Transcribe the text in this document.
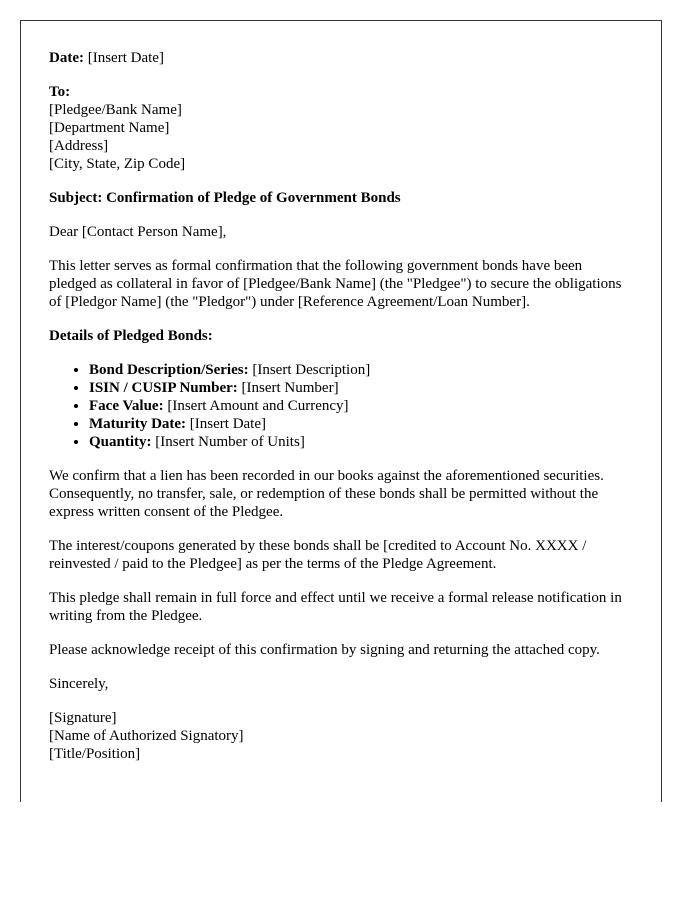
Date: [Insert Date]

To:
[Pledgee/Bank Name]
[Department Name]
[Address]
[City, State, Zip Code]

Subject: Confirmation of Pledge of Government Bonds

Dear [Contact Person Name],

This letter serves as formal confirmation that the following government bonds have been pledged as collateral in favor of [Pledgee/Bank Name] (the "Pledgee") to secure the obligations of [Pledgor Name] (the "Pledgor") under [Reference Agreement/Loan Number].

Details of Pledged Bonds:

• Bond Description/Series: [Insert Description]
• ISIN / CUSIP Number: [Insert Number]
• Face Value: [Insert Amount and Currency]
• Maturity Date: [Insert Date]
• Quantity: [Insert Number of Units]

We confirm that a lien has been recorded in our books against the aforementioned securities. Consequently, no transfer, sale, or redemption of these bonds shall be permitted without the express written consent of the Pledgee.

The interest/coupons generated by these bonds shall be [credited to Account No. XXXX / reinvested / paid to the Pledgee] as per the terms of the Pledge Agreement.

This pledge shall remain in full force and effect until we receive a formal release notification in writing from the Pledgee.

Please acknowledge receipt of this confirmation by signing and returning the attached copy.

Sincerely,

[Signature]
[Name of Authorized Signatory]
[Title/Position]
